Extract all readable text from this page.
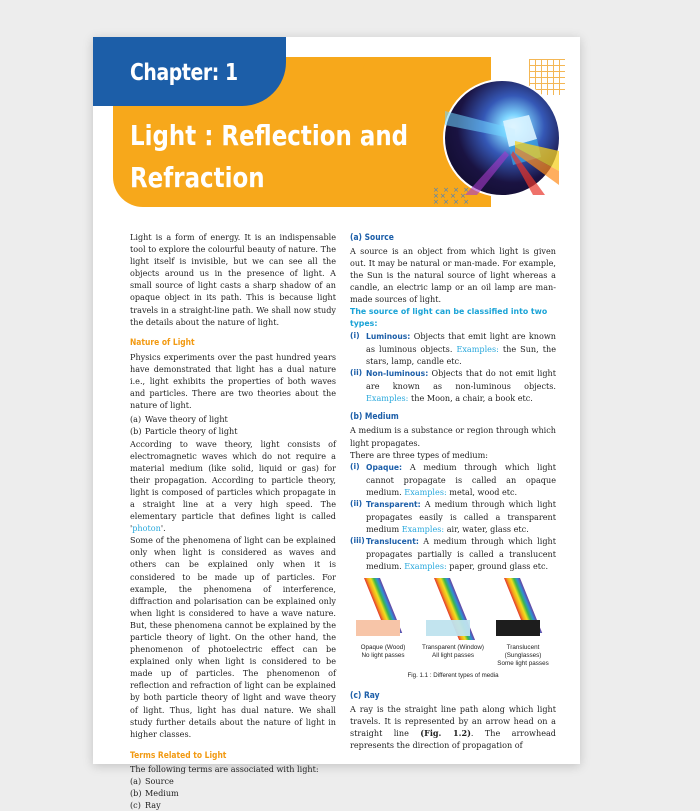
Chapter: 1
Light : Reflection and Refraction	× × × ×
×× × ×
× × × ×

Light is a form of energy. It is an indispensable tool to explore the colourful beauty of nature. The light itself is invisible, but we can see all the objects around us in the presence of light. A small source of light casts a sharp shadow of an opaque object in its path. This is because light travels in a straight-line path. We shall now study the details about the nature of light.

Nature of Light

Physics experiments over the past hundred years have demonstrated that light has a dual nature i.e., light exhibits the properties of both waves and particles. There are two theories about the nature of light.

(a) Wave theory of light
(b) Particle theory of light

According to wave theory, light consists of electromagnetic waves which do not require a material medium (like solid, liquid or gas) for their propagation. According to particle theory, light is composed of particles which propagate in a straight line at a very high speed. The elementary particle that defines light is called 'photon'.

Some of the phenomena of light can be explained only when light is considered as waves and others can be explained only when it is considered to be made up of particles. For example, the phenomena of interference, diffraction and polarisation can be explained only when light is considered to have a wave nature. But, these phenomena cannot be explained by the particle theory of light. On the other hand, the phenomenon of photoelectric effect can be explained only when light is considered to be made up of particles. The phenomenon of reflection and refraction of light can be explained by both particle theory of light and wave theory of light. Thus, light has dual nature. We shall study further details about the nature of light in higher classes.

Terms Related to Light

The following terms are associated with light:

(a) Source
(b) Medium
(c) Ray
(a) Source

A source is an object from which light is given out. It may be natural or man-made. For example, the Sun is the natural source of light whereas a candle, an electric lamp or an oil lamp are man-made sources of light.

The source of light can be classified into two types:
(i) Luminous: Objects that emit light are known as luminous objects. Examples: the Sun, the stars, lamp, candle etc.
(ii) Non-luminous: Objects that do not emit light are known as non-luminous objects. Examples: the Moon, a chair, a book etc.
(b) Medium

A medium is a substance or region through which light propagates.

There are three types of medium:

(i) Opaque: A medium through which light cannot propagate is called an opaque medium. Examples: metal, wood etc.
(ii) Transparent: A medium through which light propagates easily is called a transparent medium Examples: air, water, glass etc.
(iii) Translucent: A medium through which light propagates partially is called a translucent medium. Examples: paper, ground glass etc.
Opaque (Wood)
No light passes
Transparent (Window)
All light passes
Translucent (Sunglasses)
Some light passes
Fig. 1.1 : Different types of media
(c) Ray

A ray is the straight line path along which light travels. It is represented by an arrow head on a straight line (Fig. 1.2). The arrowhead represents the direction of propagation of
